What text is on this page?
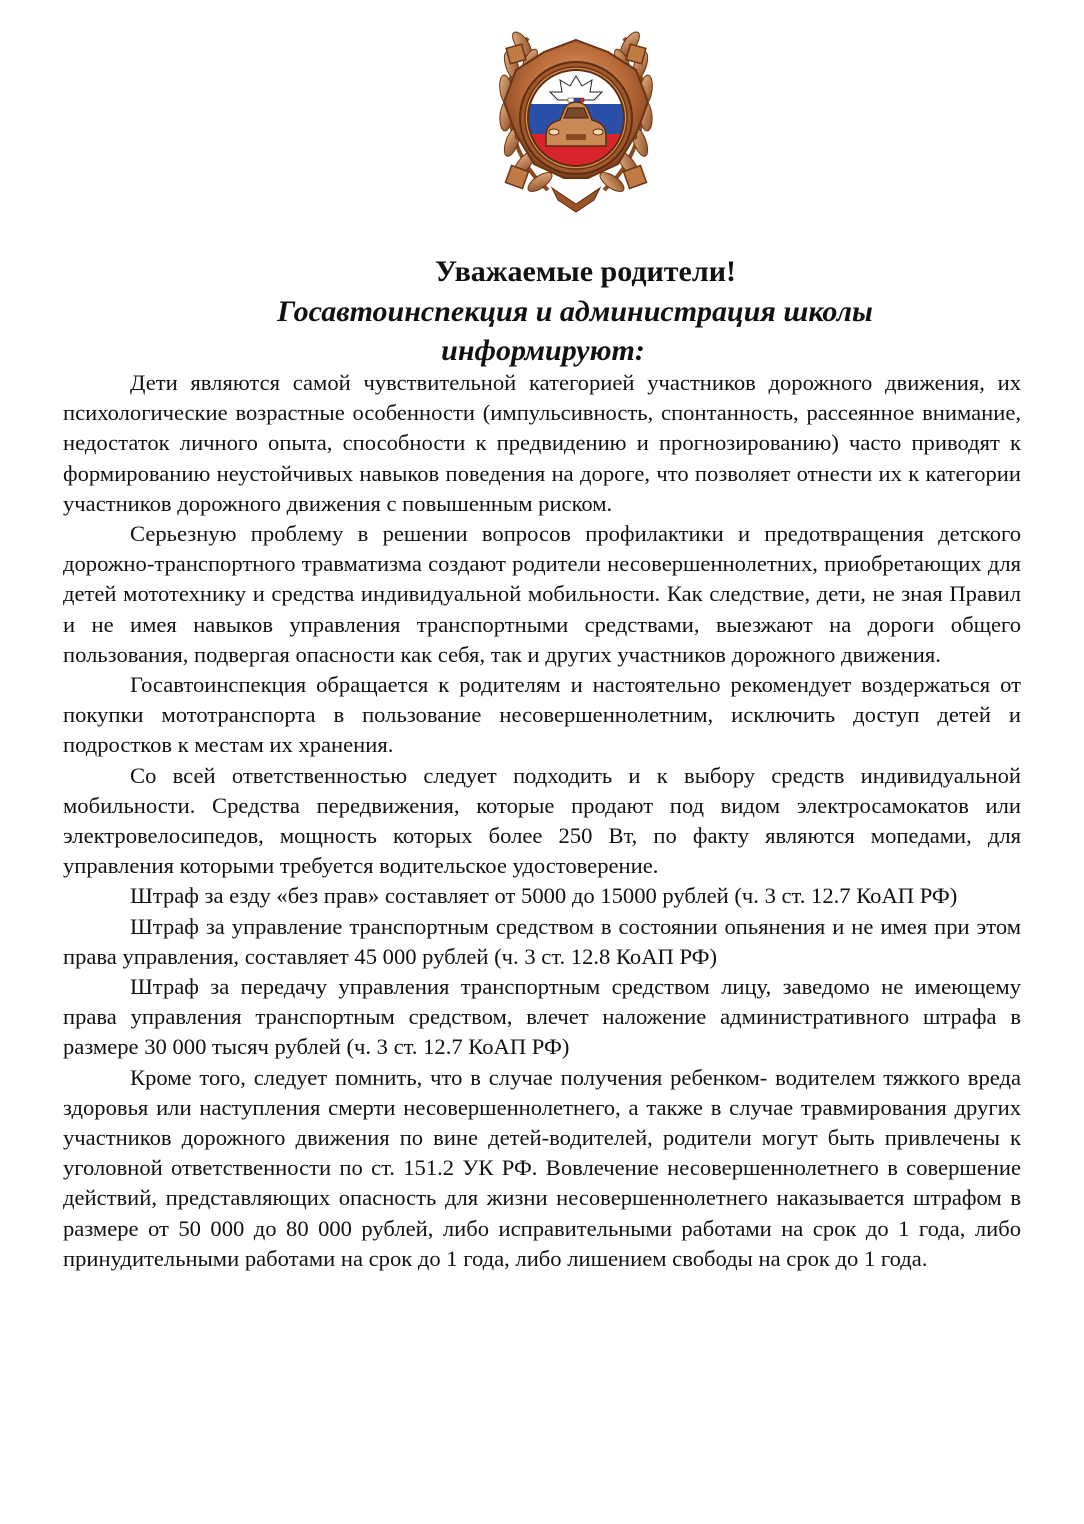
Уважаемые родители!
Госавтоинспекция и администрация школы
информируют:

Дети являются самой чувствительной категорией участников дорожного движения, их психологические возрастные особенности (импульсивность, спонтанность, рассеянное внимание, недостаток личного опыта, способности к предвидению и прогнозированию) часто приводят к формированию неустойчивых навыков поведения на дороге, что позволяет отнести их к категории участников дорожного движения с повышенным риском.

Серьезную проблему в решении вопросов профилактики и предотвращения детского дорожно-транспортного травматизма создают родители несовершеннолетних, приобретающих для детей мототехнику и средства индивидуальной мобильности. Как следствие, дети, не зная Правил и не имея навыков управления транспортными средствами, выезжают на дороги общего пользования, подвергая опасности как себя, так и других участников дорожного движения.

Госавтоинспекция обращается к родителям и настоятельно рекомендует воздержаться от покупки мототранспорта в пользование несовершеннолетним, исключить доступ детей и подростков к местам их хранения.

Со всей ответственностью следует подходить и к выбору средств индивидуальной мобильности. Средства передвижения, которые продают под видом электросамокатов или электровелосипедов, мощность которых более 250 Вт, по факту являются мопедами, для управления которыми требуется водительское удостоверение.

Штраф за езду «без прав» составляет от 5000 до 15000 рублей (ч. 3 ст. 12.7 КоАП РФ)

Штраф за управление транспортным средством в состоянии опьянения и не имея при этом права управления, составляет 45 000 рублей (ч. 3 ст. 12.8 КоАП РФ)

Штраф за передачу управления транспортным средством лицу, заведомо не имеющему права управления транспортным средством, влечет наложение административного штрафа в размере 30 000 тысяч рублей (ч. 3 ст. 12.7 КоАП РФ)

Кроме того, следует помнить, что в случае получения ребенком- водителем тяжкого вреда здоровья или наступления смерти несовершеннолетнего, а также в случае травмирования других участников дорожного движения по вине детей-водителей, родители могут быть привлечены к уголовной ответственности по ст. 151.2 УК РФ. Вовлечение несовершеннолетнего в совершение действий, представляющих опасность для жизни несовершеннолетнего наказывается штрафом в размере от 50 000 до 80 000 рублей, либо исправительными работами на срок до 1 года, либо принудительными работами на срок до 1 года, либо лишением свободы на срок до 1 года.
